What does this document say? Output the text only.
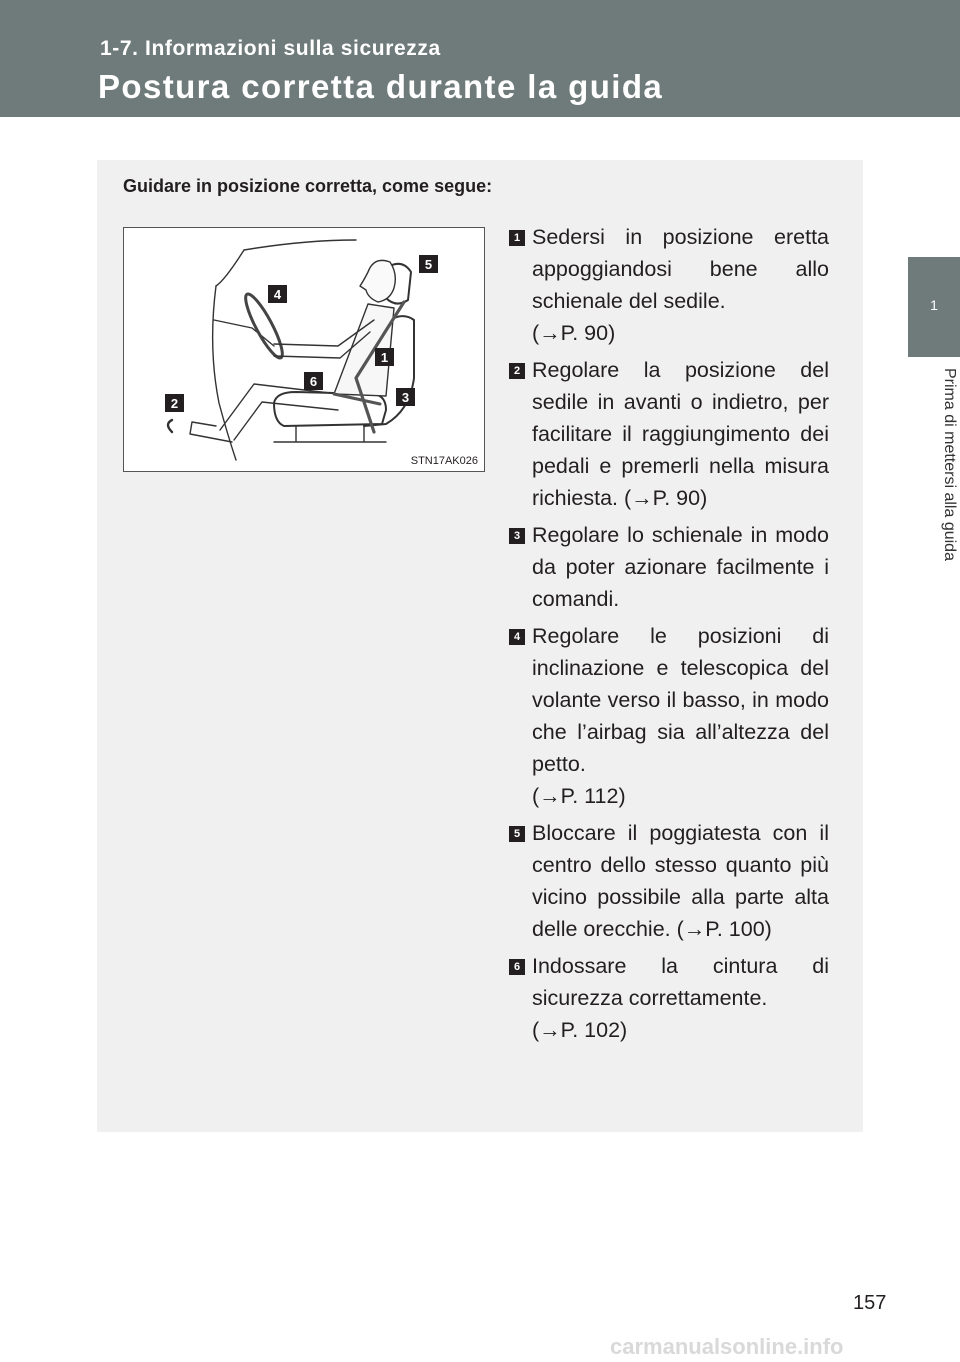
1-7. Informazioni sulla sicurezza
Postura corretta durante la guida
1
Prima di mettersi alla guida
Guidare in posizione corretta, come segue:
5
4
1
6
3
2
STN17AK026
1 Sedersi in posizione eretta appoggiandosi bene allo schienale del sedile.
(→P. 90)
2 Regolare la posizione del sedile in avanti o indietro, per facilitare il raggiungimento dei pedali e premerli nella misura richiesta. (→P. 90)
3 Regolare lo schienale in modo da poter azionare facilmente i comandi.
4 Regolare le posizioni di inclinazione e telescopica del volante verso il basso, in modo che l’airbag sia all’altezza del petto.
(→P. 112)
5 Bloccare il poggiatesta con il centro dello stesso quanto più vicino possibile alla parte alta delle orecchie. (→P. 100)
6 Indossare la cintura di sicurezza correttamente.
(→P. 102)
157
carmanualsonline.info
